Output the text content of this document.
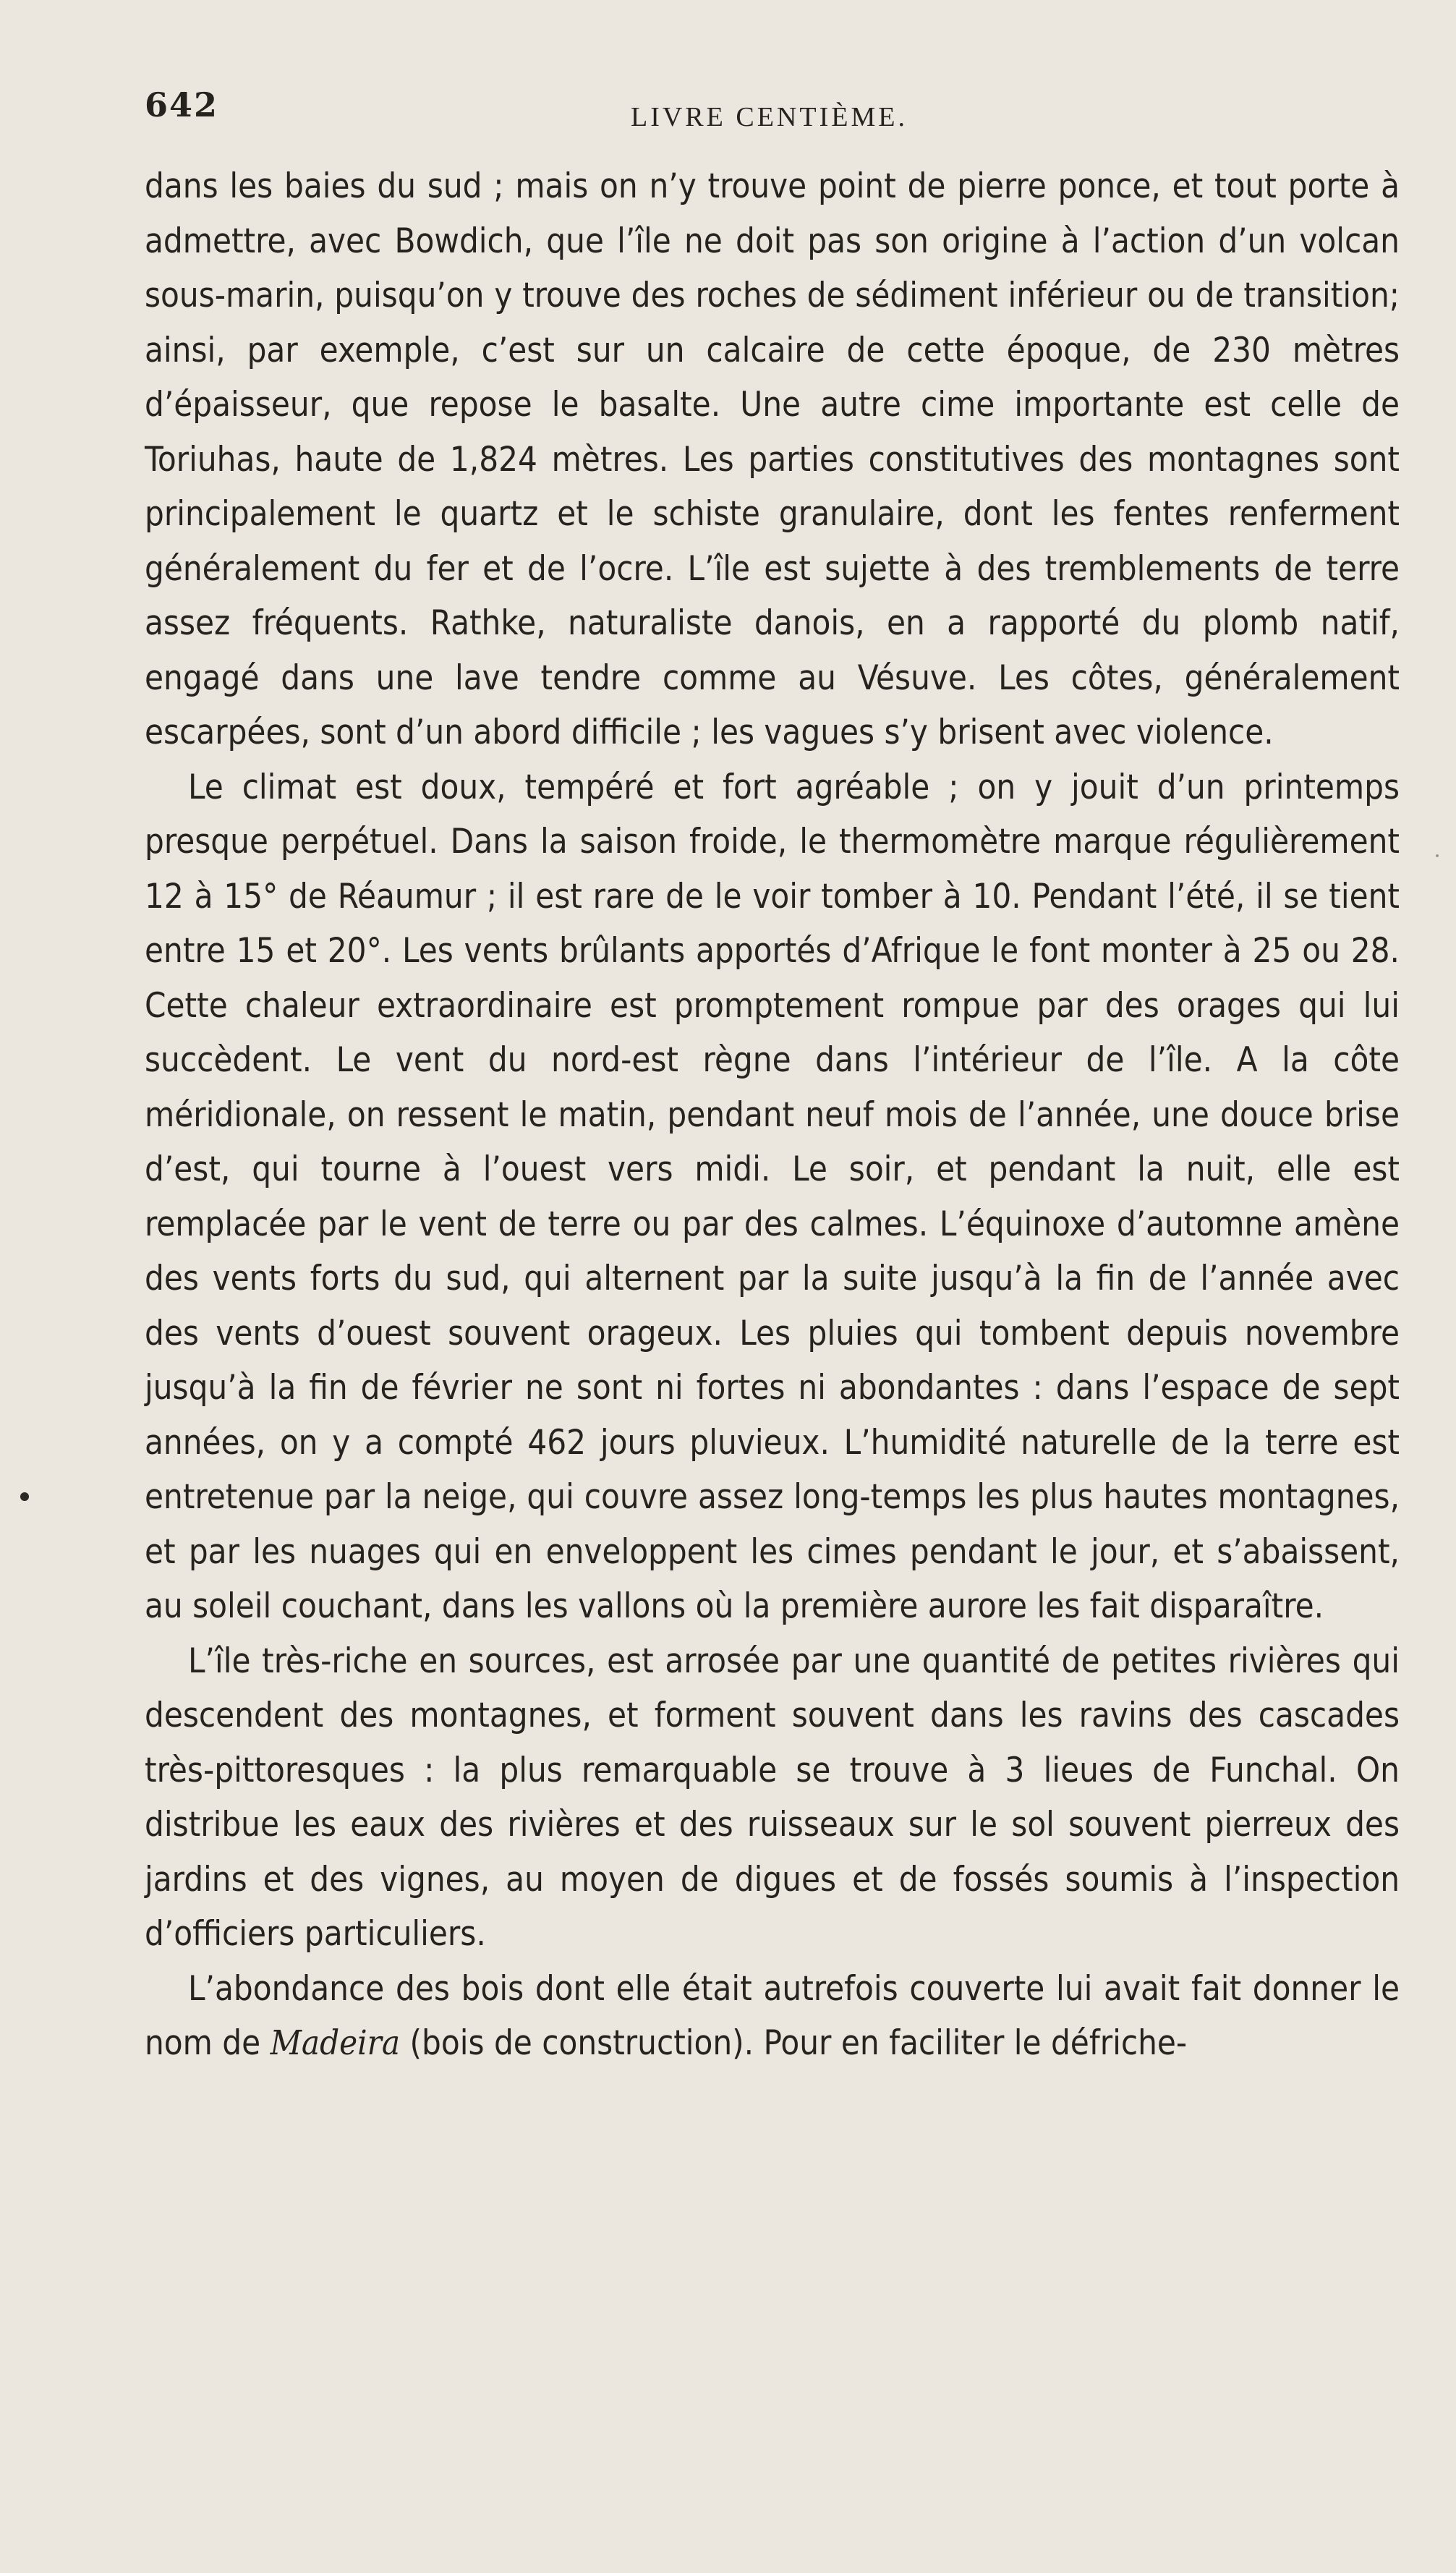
642	LIVRE CENTIÈME.

dans les baies du sud ; mais on n’y trouve point de pierre ponce, et tout porte à admettre, avec Bowdich, que l’île ne doit pas son origine à l’action d’un volcan sous-marin, puisqu’on y trouve des roches de sédiment inférieur ou de transition; ainsi, par exemple, c’est sur un calcaire de cette époque, de 230 mètres d’épaisseur, que repose le basalte. Une autre cime importante est celle de Toriuhas, haute de 1,824 mètres. Les parties constitutives des montagnes sont principalement le quartz et le schiste granulaire, dont les fentes renferment généralement du fer et de l’ocre. L’île est sujette à des tremblements de terre assez fréquents. Rathke, naturaliste danois, en a rapporté du plomb natif, engagé dans une lave tendre comme au Vésuve. Les côtes, généralement escarpées, sont d’un abord difficile ; les vagues s’y brisent avec violence.

Le climat est doux, tempéré et fort agréable ; on y jouit d’un printemps presque perpétuel. Dans la saison froide, le thermomètre marque régulièrement 12 à 15° de Réaumur ; il est rare de le voir tomber à 10. Pendant l’été, il se tient entre 15 et 20°. Les vents brûlants apportés d’Afrique le font monter à 25 ou 28. Cette chaleur extraordinaire est promptement rompue par des orages qui lui succèdent. Le vent du nord-est règne dans l’intérieur de l’île. A la côte méridionale, on ressent le matin, pendant neuf mois de l’année, une douce brise d’est, qui tourne à l’ouest vers midi. Le soir, et pendant la nuit, elle est remplacée par le vent de terre ou par des calmes. L’équinoxe d’automne amène des vents forts du sud, qui alternent par la suite jusqu’à la fin de l’année avec des vents d’ouest souvent orageux. Les pluies qui tombent depuis novembre jusqu’à la fin de février ne sont ni fortes ni abondantes : dans l’espace de sept années, on y a compté 462 jours pluvieux. L’humidité naturelle de la terre est entretenue par la neige, qui couvre assez long-temps les plus hautes montagnes, et par les nuages qui en enveloppent les cimes pendant le jour, et s’abaissent, au soleil couchant, dans les vallons où la première aurore les fait disparaître.

L’île très-riche en sources, est arrosée par une quantité de petites rivières qui descendent des montagnes, et forment souvent dans les ravins des cascades très-pittoresques : la plus remarquable se trouve à 3 lieues de Funchal. On distribue les eaux des rivières et des ruisseaux sur le sol souvent pierreux des jardins et des vignes, au moyen de digues et de fossés soumis à l’inspection d’officiers particuliers.

L’abondance des bois dont elle était autrefois couverte lui avait fait donner le nom de Madeira (bois de construction). Pour en faciliter le défriche-
